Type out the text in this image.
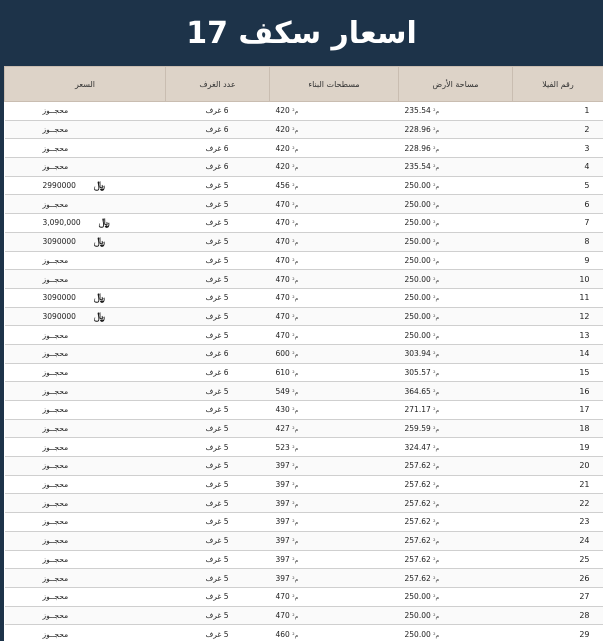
اسعار سكف 17
رقم الفيلا	مساحة الأرض	مسطحات البناء	عدد الغرف	السعر
1	م² 235.54	م² 420	6 غرف	محجــوز
2	م² 228.96	م² 420	6 غرف	محجــوز
3	م² 228.96	م² 420	6 غرف	محجــوز
4	م² 235.54	م² 420	6 غرف	محجــوز
5	م² 250.00	م² 456	5 غرف	﷼2990000
6	م² 250.00	م² 470	5 غرف	محجــوز
7	م² 250.00	م² 470	5 غرف	﷼3,090,000
8	م² 250.00	م² 470	5 غرف	﷼3090000
9	م² 250.00	م² 470	5 غرف	محجــوز
10	م² 250.00	م² 470	5 غرف	محجــوز
11	م² 250.00	م² 470	5 غرف	﷼3090000
12	م² 250.00	م² 470	5 غرف	﷼3090000
13	م² 250.00	م² 470	5 غرف	محجــوز
14	م² 303.94	م² 600	6 غرف	محجــوز
15	م² 305.57	م² 610	6 غرف	محجــوز
16	م² 364.65	م² 549	5 غرف	محجــوز
17	م² 271.17	م² 430	5 غرف	محجــوز
18	م² 259.59	م² 427	5 غرف	محجــوز
19	م² 324.47	م² 523	5 غرف	محجــوز
20	م² 257.62	م² 397	5 غرف	محجــوز
21	م² 257.62	م² 397	5 غرف	محجــوز
22	م² 257.62	م² 397	5 غرف	محجــوز
23	م² 257.62	م² 397	5 غرف	محجــوز
24	م² 257.62	م² 397	5 غرف	محجــوز
25	م² 257.62	م² 397	5 غرف	محجــوز
26	م² 257.62	م² 397	5 غرف	محجــوز
27	م² 250.00	م² 470	5 غرف	محجــوز
28	م² 250.00	م² 470	5 غرف	محجــوز
29	م² 250.00	م² 460	5 غرف	محجــوز
